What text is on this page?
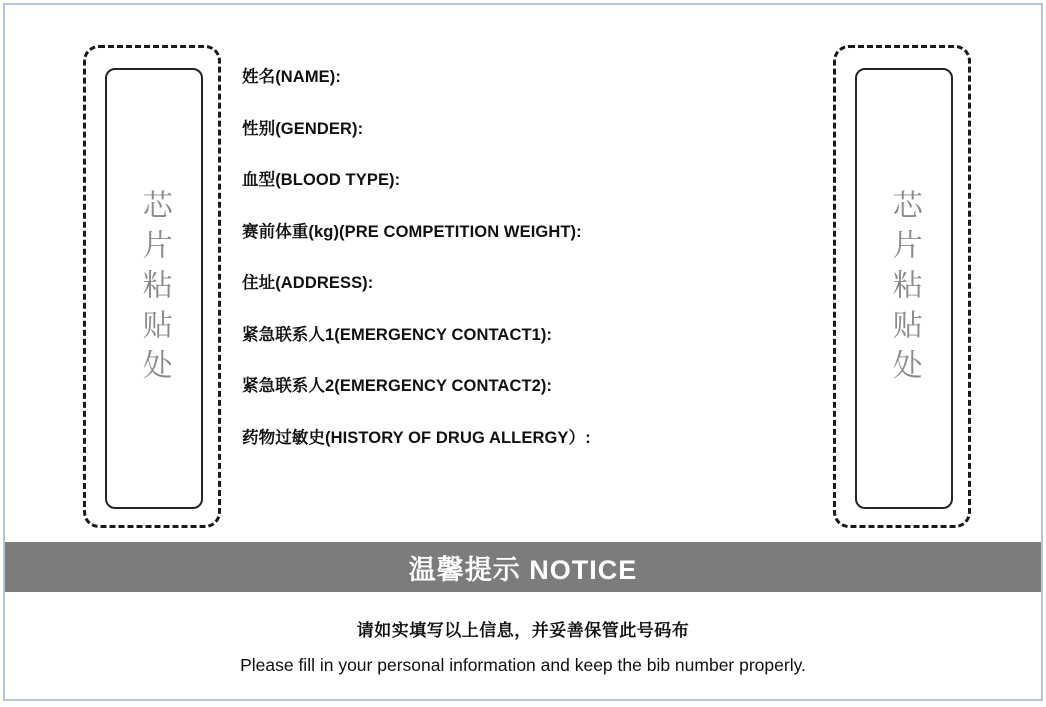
芯片粘贴处
姓名(NAME):
性别(GENDER):
血型(BLOOD TYPE):
赛前体重(kg)(PRE COMPETITION WEIGHT):
住址(ADDRESS):
紧急联系人1(EMERGENCY CONTACT1):
紧急联系人2(EMERGENCY CONTACT2):
药物过敏史(HISTORY OF DRUG ALLERGY）:
芯片粘贴处
温馨提示 NOTICE
请如实填写以上信息，并妥善保管此号码布
Please fill in your personal information and keep the bib number properly.
